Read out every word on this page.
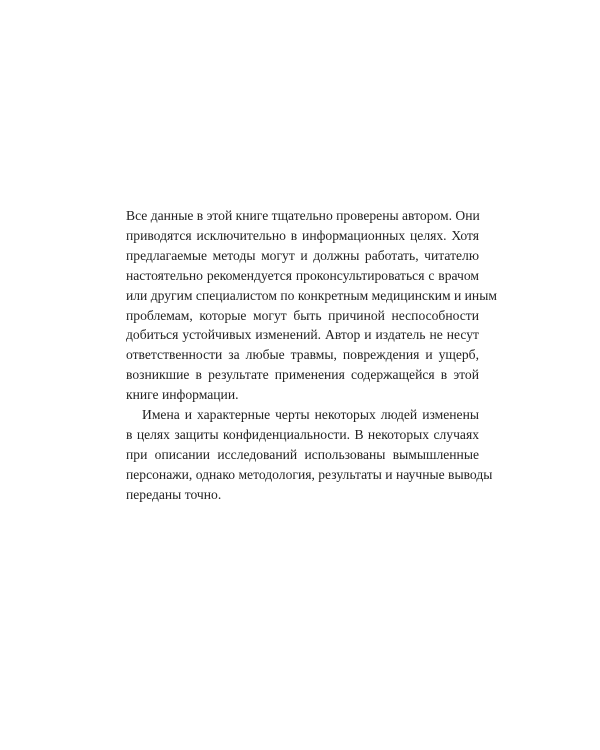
Все данные в этой книге тщательно проверены автором. Они
приводятся исключительно в информационных целях. Хотя
предлагаемые методы могут и должны работать, читателю
настоятельно рекомендуется проконсультироваться с врачом
или другим специалистом по конкретным медицинским и иным
проблемам, которые могут быть причиной неспособности
добиться устойчивых изменений. Автор и издатель не несут
ответственности за любые травмы, повреждения и ущерб,
возникшие в результате применения содержащейся в этой
книге информации.
Имена и характерные черты некоторых людей изменены
в целях защиты конфиденциальности. В некоторых случаях
при описании исследований использованы вымышленные
персонажи, однако методология, результаты и научные выводы
переданы точно.
